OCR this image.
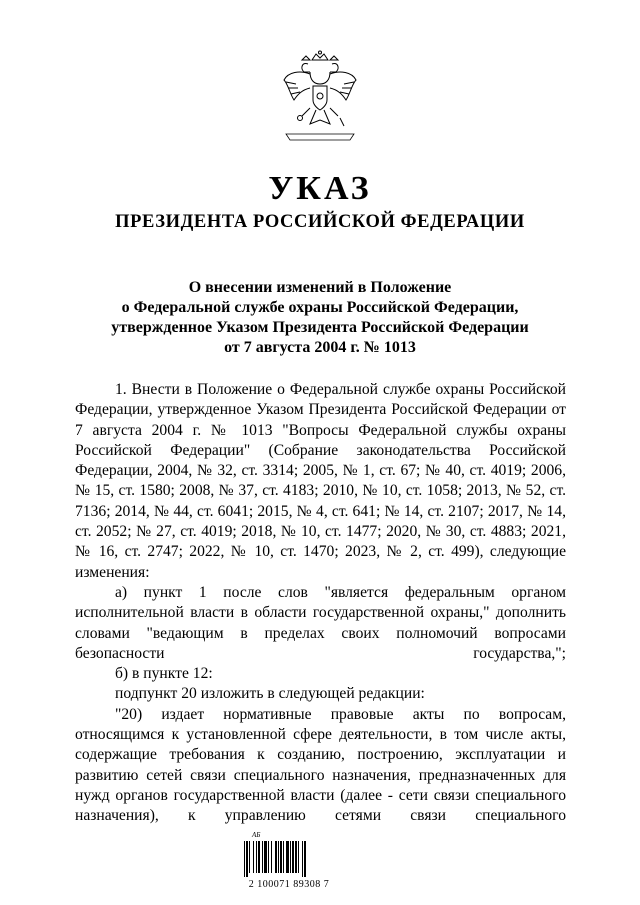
УКАЗ
ПРЕЗИДЕНТА РОССИЙСКОЙ ФЕДЕРАЦИИ
О внесении изменений в Положение
о Федеральной службе охраны Российской Федерации,
утвержденное Указом Президента Российской Федерации
от 7 августа 2004 г. № 1013

1. Внести в Положение о Федеральной службе охраны Российской Федерации, утвержденное Указом Президента Российской Федерации от 7 августа 2004 г. № 1013 "Вопросы Федеральной службы охраны Российской Федерации" (Собрание законодательства Российской Федерации, 2004, № 32, ст. 3314; 2005, № 1, ст. 67; № 40, ст. 4019; 2006, № 15, ст. 1580; 2008, № 37, ст. 4183; 2010, № 10, ст. 1058; 2013, № 52, ст. 7136; 2014, № 44, ст. 6041; 2015, № 4, ст. 641; № 14, ст. 2107; 2017, № 14, ст. 2052; № 27, ст. 4019; 2018, № 10, ст. 1477; 2020, № 30, ст. 4883; 2021, № 16, ст. 2747; 2022, № 10, ст. 1470; 2023, № 2, ст. 499), следующие изменения:

а) пункт 1 после слов "является федеральным органом исполнительной власти в области государственной охраны," дополнить словами "ведающим в пределах своих полномочий вопросами безопасности государства,";

б) в пункте 12:

подпункт 20 изложить в следующей редакции:

"20) издает нормативные правовые акты по вопросам, относящимся к установленной сфере деятельности, в том числе акты, содержащие требования к созданию, построению, эксплуатации и развитию сетей связи специального назначения, предназначенных для нужд органов государственной власти (далее - сети связи специального назначения), к управлению сетями связи специального

АБ
2 100071 89308 7
